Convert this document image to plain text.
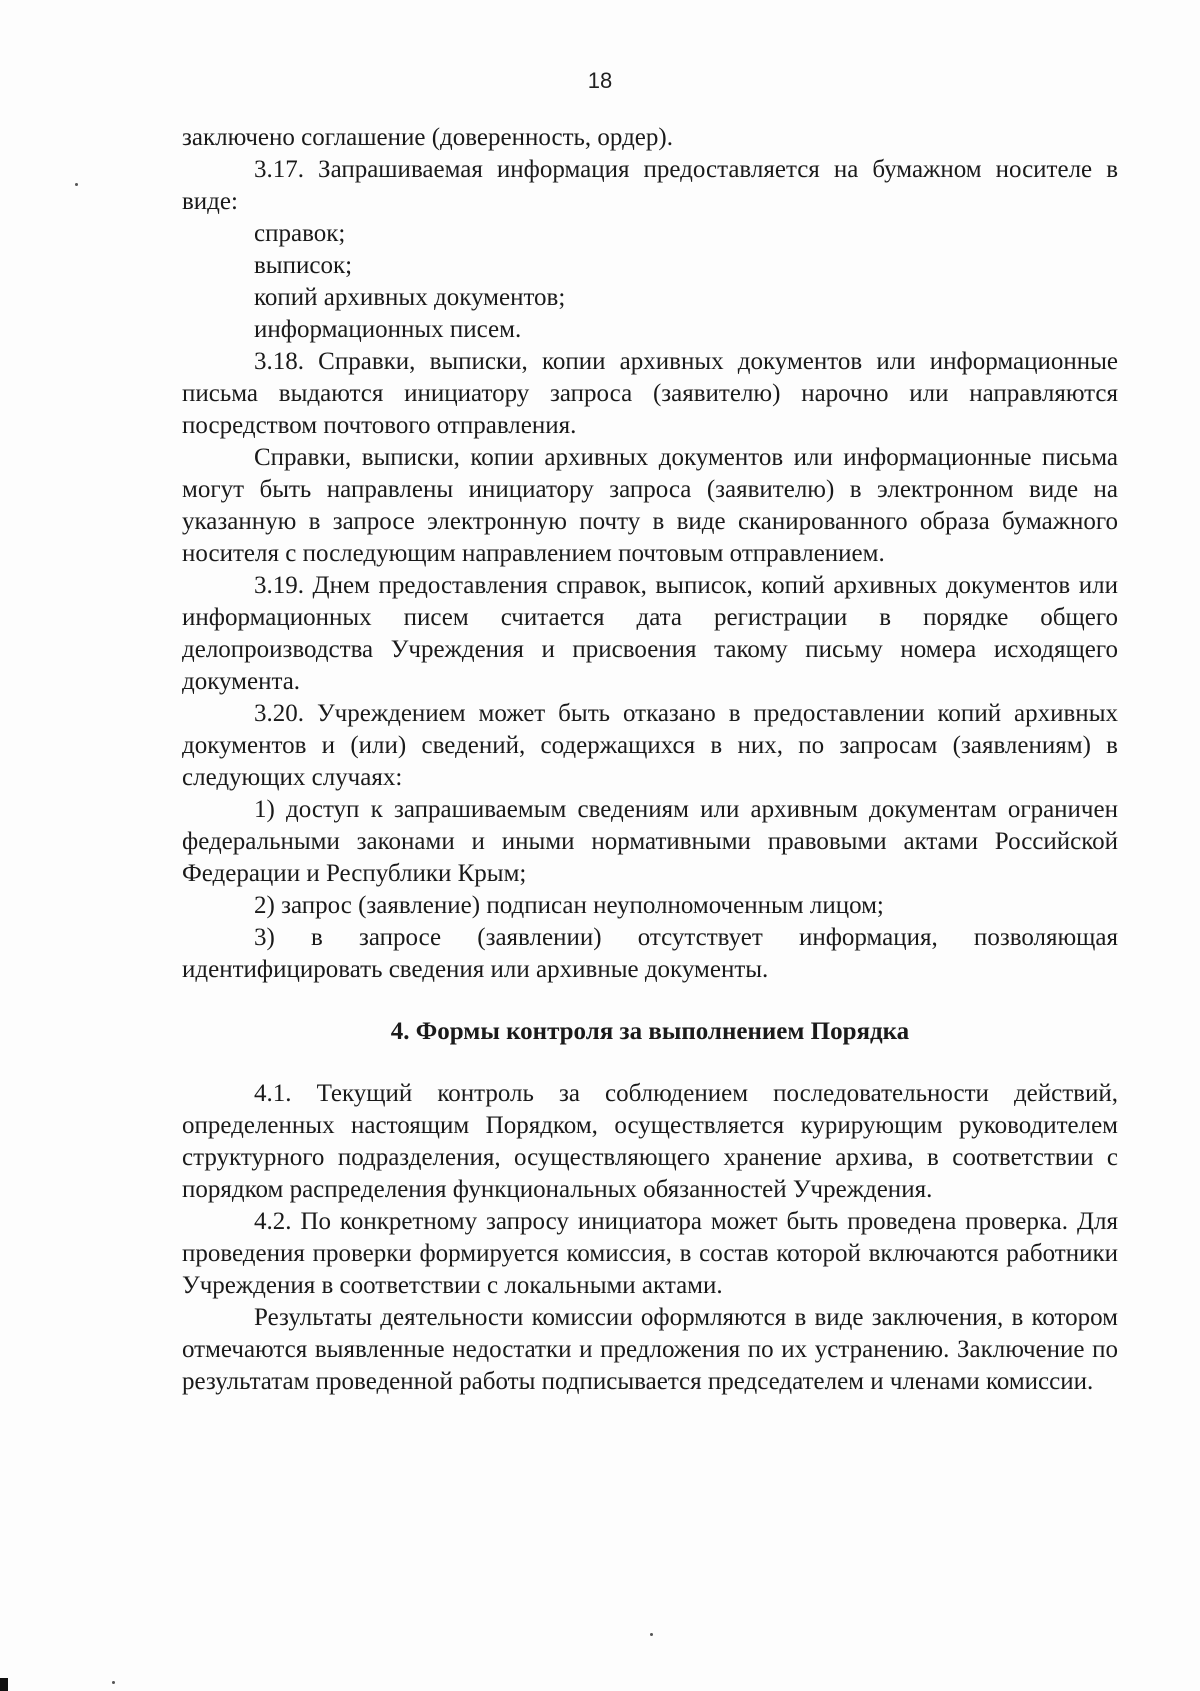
18

заключено соглашение (доверенность, ордер).

3.17. Запрашиваемая информация предоставляется на бумажном носителе в виде:

справок;

выписок;

копий архивных документов;

информационных писем.

3.18. Справки, выписки, копии архивных документов или информационные письма выдаются инициатору запроса (заявителю) нарочно или направляются посредством почтового отправления.

Справки, выписки, копии архивных документов или информационные письма могут быть направлены инициатору запроса (заявителю) в электронном виде на указанную в запросе электронную почту в виде сканированного образа бумажного носителя с последующим направлением почтовым отправлением.

3.19. Днем предоставления справок, выписок, копий архивных документов или информационных писем считается дата регистрации в порядке общего делопроизводства Учреждения и присвоения такому письму номера исходящего документа.

3.20. Учреждением может быть отказано в предоставлении копий архивных документов и (или) сведений, содержащихся в них, по запросам (заявлениям) в следующих случаях:

1) доступ к запрашиваемым сведениям или архивным документам ограничен федеральными законами и иными нормативными правовыми актами Российской Федерации и Республики Крым;

2) запрос (заявление) подписан неуполномоченным лицом;

3) в запросе (заявлении) отсутствует информация, позволяющая идентифицировать сведения или архивные документы.

4. Формы контроля за выполнением Порядка

4.1. Текущий контроль за соблюдением последовательности действий, определенных настоящим Порядком, осуществляется курирующим руководителем структурного подразделения, осуществляющего хранение архива, в соответствии с порядком распределения функциональных обязанностей Учреждения.

4.2. По конкретному запросу инициатора может быть проведена проверка. Для проведения проверки формируется комиссия, в состав которой включаются работники Учреждения в соответствии с локальными актами.

Результаты деятельности комиссии оформляются в виде заключения, в котором отмечаются выявленные недостатки и предложения по их устранению. Заключение по результатам проведенной работы подписывается председателем и членами комиссии.
